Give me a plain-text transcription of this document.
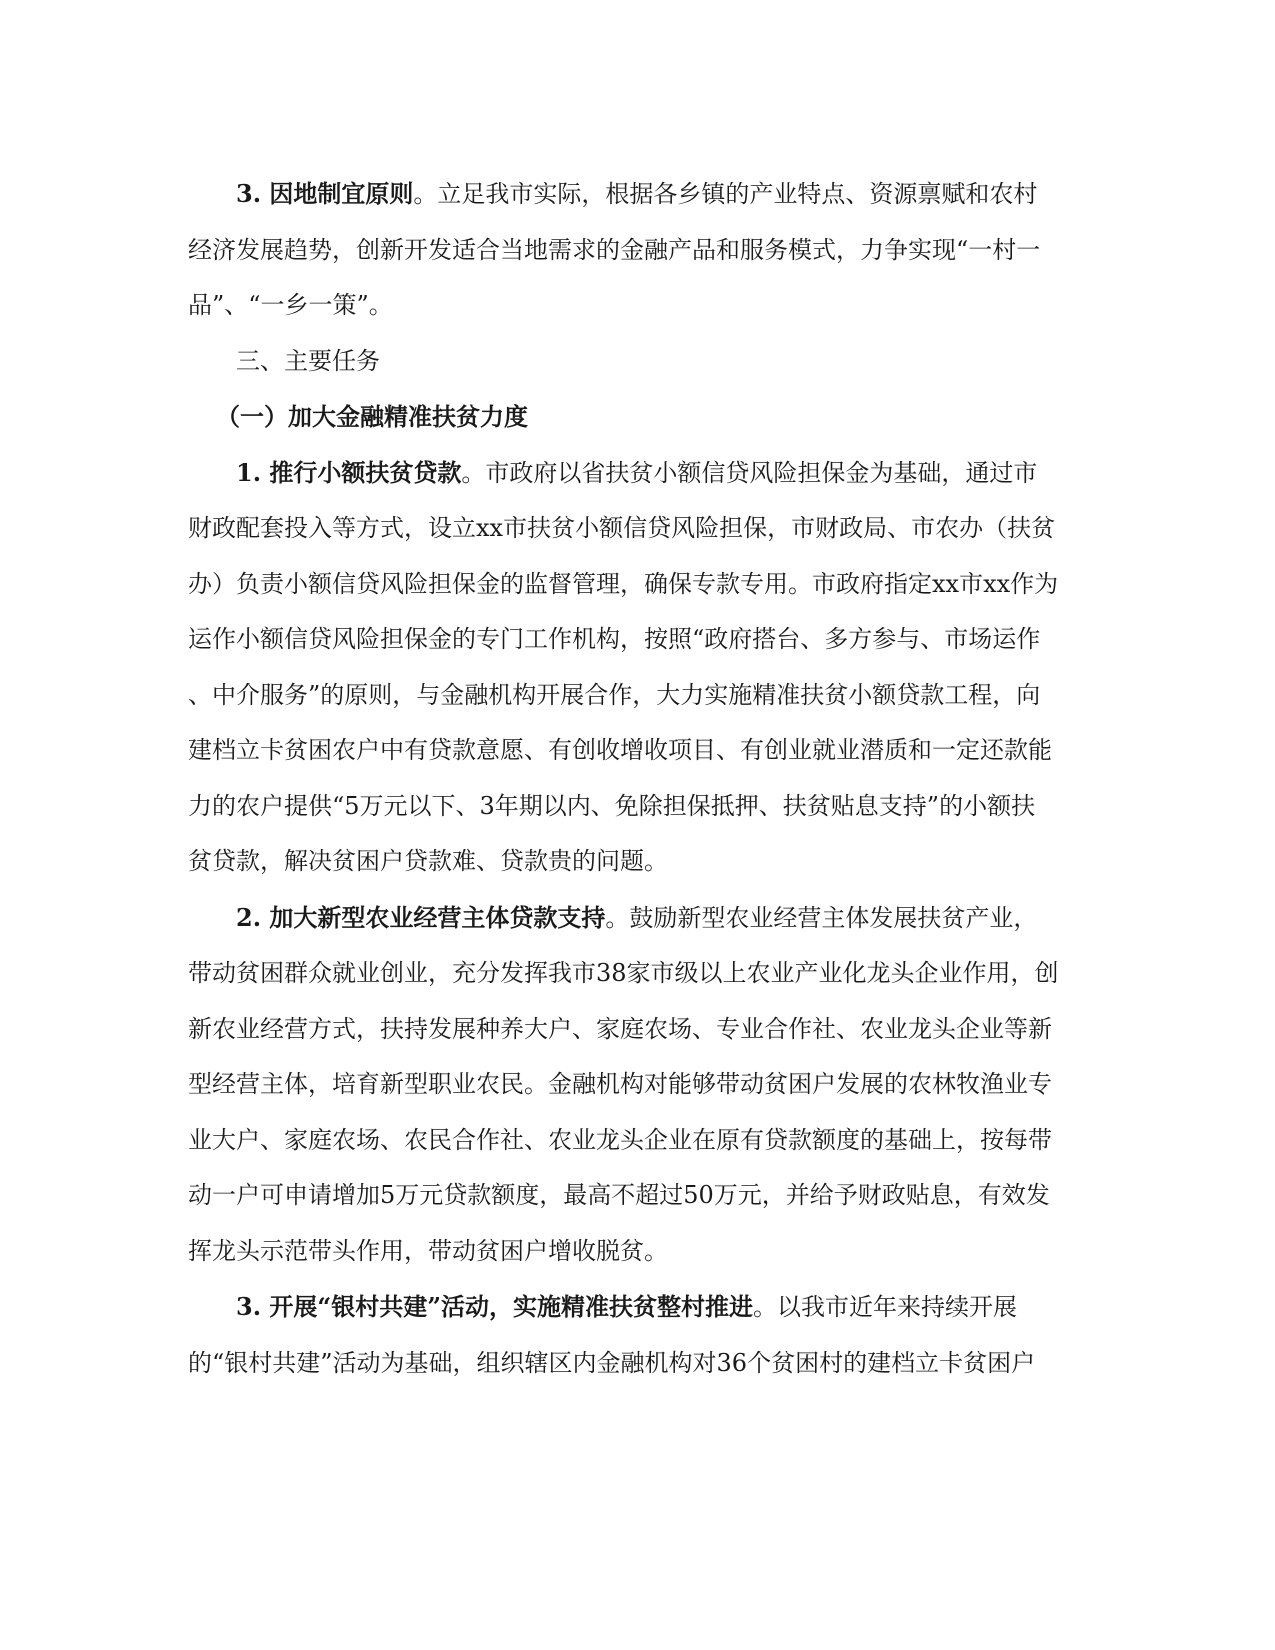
3. 因地制宜原则。立足我市实际，根据各乡镇的产业特点、资源禀赋和农村
经济发展趋势，创新开发适合当地需求的金融产品和服务模式，力争实现“一村一
品”、“一乡一策”。

三、主要任务

（一）加大金融精准扶贫力度

1. 推行小额扶贫贷款。市政府以省扶贫小额信贷风险担保金为基础，通过市
财政配套投入等方式，设立xx市扶贫小额信贷风险担保，市财政局、市农办（扶贫
办）负责小额信贷风险担保金的监督管理，确保专款专用。市政府指定xx市xx作为
运作小额信贷风险担保金的专门工作机构，按照“政府搭台、多方参与、市场运作
、中介服务”的原则，与金融机构开展合作，大力实施精准扶贫小额贷款工程，向
建档立卡贫困农户中有贷款意愿、有创收增收项目、有创业就业潜质和一定还款能
力的农户提供“5万元以下、3年期以内、免除担保抵押、扶贫贴息支持”的小额扶
贫贷款，解决贫困户贷款难、贷款贵的问题。

2. 加大新型农业经营主体贷款支持。鼓励新型农业经营主体发展扶贫产业，
带动贫困群众就业创业，充分发挥我市38家市级以上农业产业化龙头企业作用，创
新农业经营方式，扶持发展种养大户、家庭农场、专业合作社、农业龙头企业等新
型经营主体，培育新型职业农民。金融机构对能够带动贫困户发展的农林牧渔业专
业大户、家庭农场、农民合作社、农业龙头企业在原有贷款额度的基础上，按每带
动一户可申请增加5万元贷款额度，最高不超过50万元，并给予财政贴息，有效发
挥龙头示范带头作用，带动贫困户增收脱贫。

3. 开展“银村共建”活动，实施精准扶贫整村推进。以我市近年来持续开展
的“银村共建”活动为基础，组织辖区内金融机构对36个贫困村的建档立卡贫困户
